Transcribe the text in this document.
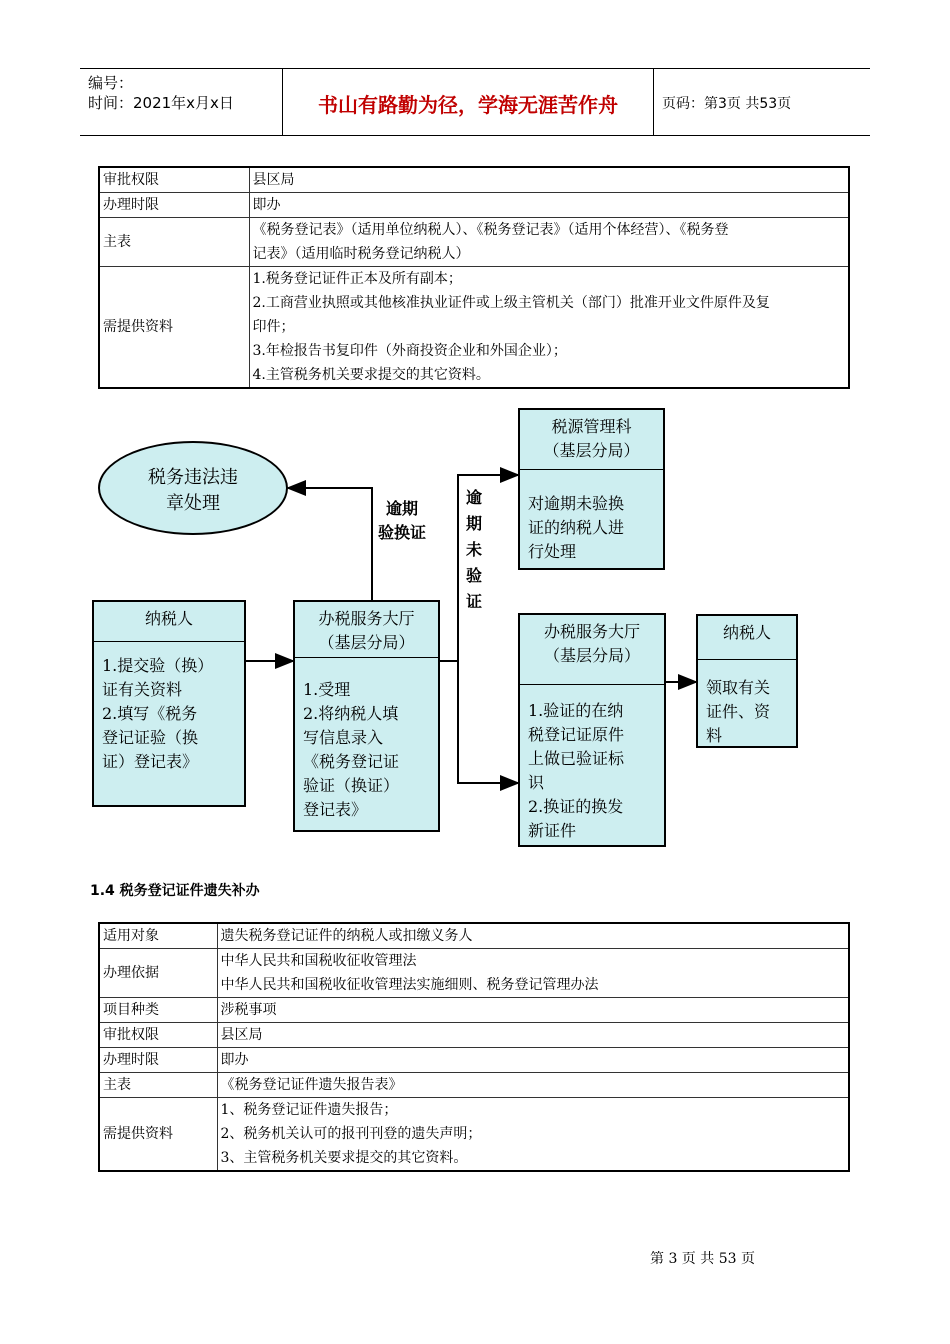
编号：
时间：2021年x月x日	书山有路勤为径，学海无涯苦作舟	页码：第3页 共53页
审批权限	县区局

办理时限	即办

主表	《税务登记表》（适用单位纳税人）、《税务登记表》（适用个体经营）、《税务登
记表》（适用临时税务登记纳税人）

需提供资料	1.税务登记证件正本及所有副本；
2.工商营业执照或其他核准执业证件或上级主管机关（部门）批准开业文件原件及复
印件；
3.年检报告书复印件（外商投资企业和外国企业）；
4.主管税务机关要求提交的其它资料。
税务违法违
章处理
纳税人
1.提交验（换）
证有关资料
2.填写《税务
登记证验（换
证）登记表》
办税服务大厅
（基层分局）
1.受理
2.将纳税人填
写信息录入
《税务登记证
验证（换证）
登记表》
税源管理科
（基层分局）
对逾期未验换
证的纳税人进
行处理
办税服务大厅
（基层分局）
1.验证的在纳
税登记证原件
上做已验证标
识
2.换证的换发
新证件
纳税人
领取有关
证件、资
料
逾期
验换证
逾
期
未
验
证
1.4 税务登记证件遗失补办
适用对象	遗失税务登记证件的纳税人或扣缴义务人

办理依据	中华人民共和国税收征收管理法
中华人民共和国税收征收管理法实施细则、税务登记管理办法

项目种类	涉税事项

审批权限	县区局

办理时限	即办

主表	《税务登记证件遗失报告表》

需提供资料	1、税务登记证件遗失报告；
2、税务机关认可的报刊刊登的遗失声明；
3、主管税务机关要求提交的其它资料。
第 3 页 共 53 页
